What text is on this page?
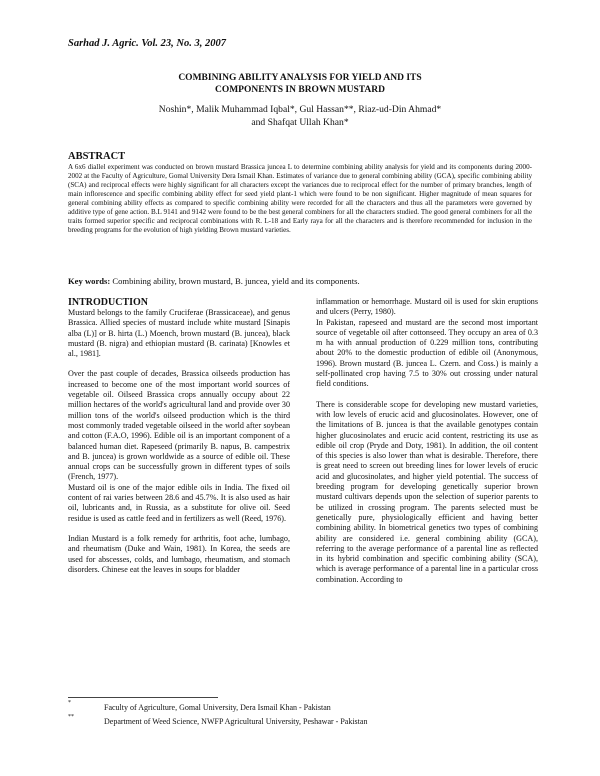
Sarhad J. Agric. Vol. 23, No. 3, 2007
COMBINING ABILITY ANALYSIS FOR YIELD AND ITS
COMPONENTS IN BROWN MUSTARD
Noshin*, Malik Muhammad Iqbal*, Gul Hassan**, Riaz-ud-Din Ahmad*
and Shafqat Ullah Khan*
ABSTRACT
A 6x6 diallel experiment was conducted on brown mustard Brassica juncea L to determine combining ability analysis for yield and its components during 2000-2002 at the Faculty of Agriculture, Gomal University Dera Ismail Khan. Estimates of variance due to general combining ability (GCA), specific combining ability (SCA) and reciprocal effects were highly significant for all characters except the variances due to reciprocal effect for the number of primary branches, length of main inflorescence and specific combining ability effect for seed yield plant-1 which were found to be non significant. Higher magnitude of mean squares for general combining ability effects as compared to specific combining ability were recorded for all the characters and thus all the parameters were governed by additive type of gene action. B.L 9141 and 9142 were found to be the best general combiners for all the characters studied. The good general combiners for all the traits formed superior specific and reciprocal combinations with R. L-18 and Early raya for all the characters and is therefore recommended for inclusion in the breeding programs for the evolution of high yielding Brown mustard varieties.
Key words: Combining ability, brown mustard, B. juncea, yield and its components.
INTRODUCTION

Mustard belongs to the family Cruciferae (Brassicaceae), and genus Brassica. Allied species of mustard include white mustard [Sinapis alba (L)] or B. hirta (L.) Moench, brown mustard (B. juncea), black mustard (B. nigra) and ethiopian mustard (B. carinata) [Knowles et al., 1981].

Over the past couple of decades, Brassica oilseeds production has increased to become one of the most important world sources of vegetable oil. Oilseed Brassica crops annually occupy about 22 million hectares of the world's agricultural land and provide over 30 million tons of the world's oilseed production which is the third most commonly traded vegetable oilseed in the world after soybean and cotton (F.A.O, 1996). Edible oil is an important component of a balanced human diet. Rapeseed (primarily B. napus, B. campestrix and B. juncea) is grown worldwide as a source of edible oil. These annual crops can be successfully grown in different types of soils (French, 1977).

Mustard oil is one of the major edible oils in India. The fixed oil content of rai varies between 28.6 and 45.7%. It is also used as hair oil, lubricants and, in Russia, as a substitute for olive oil. Seed residue is used as cattle feed and in fertilizers as well (Reed, 1976).

Indian Mustard is a folk remedy for arthritis, foot ache, lumbago, and rheumatism (Duke and Wain, 1981). In Korea, the seeds are used for abscesses, colds, and lumbago, rheumatism, and stomach disorders. Chinese eat the leaves in soups for bladder

inflammation or hemorrhage. Mustard oil is used for skin eruptions and ulcers (Perry, 1980).

In Pakistan, rapeseed and mustard are the second most important source of vegetable oil after cottonseed. They occupy an area of 0.3 m ha with annual production of 0.229 million tons, contributing about 20% to the domestic production of edible oil (Anonymous, 1996). Brown mustard (B. juncea L. Czern. and Coss.) is mainly a self-pollinated crop having 7.5 to 30% out crossing under natural field conditions.

There is considerable scope for developing new mustard varieties, with low levels of erucic acid and glucosinolates. However, one of the limitations of B. juncea is that the available genotypes contain higher glucosinolates and erucic acid content, restricting its use as edible oil crop (Pryde and Doty, 1981). In addition, the oil content of this species is also lower than what is desirable. Therefore, there is great need to screen out breeding lines for lower levels of erucic acid and glucosinolates, and higher yield potential. The success of breeding program for developing genetically superior brown mustard cultivars depends upon the selection of superior parents to be utilized in crossing program. The parents selected must be genetically pure, physiologically efficient and having better combining ability. In biometrical genetics two types of combining ability are considered i.e. general combining ability (GCA), referring to the average performance of a parental line as reflected in its hybrid combination and specific combining ability (SCA), which is average performance of a parental line in a particular cross combination. According to

*	Faculty of Agriculture, Gomal University, Dera Ismail Khan - Pakistan
**	Department of Weed Science, NWFP Agricultural University, Peshawar - Pakistan
